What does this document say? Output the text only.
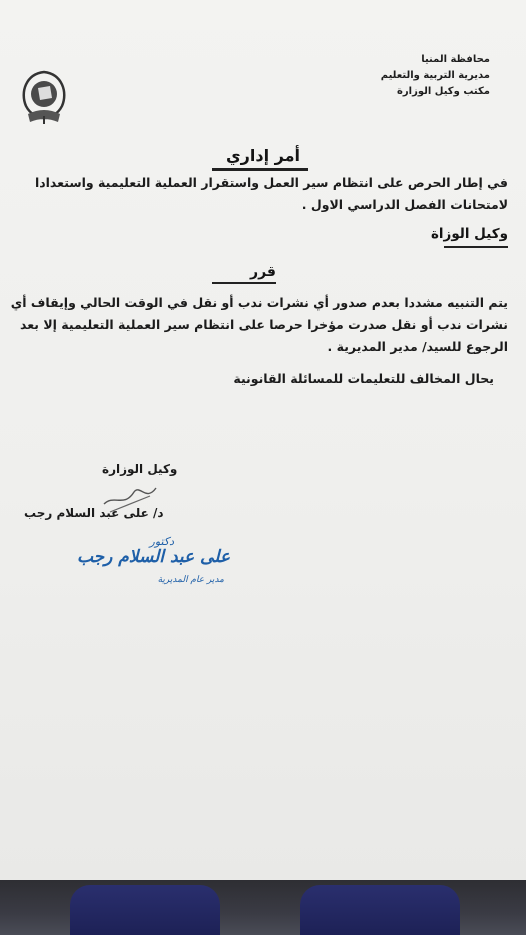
محافظة المنيا
مديرية التربية والتعليم
مكتب وكيل الوزارة
أمر إداري
في إطار الحرص على انتظام سير العمل واستقرار العملية التعليمية واستعدادا لامتحانات الفصل الدراسي الاول .
وكيل الوزاة
قرر
يتم التنبيه مشددا بعدم صدور أي نشرات ندب أو نقل في الوقت الحالي وإيقاف أي نشرات ندب أو نقل صدرت مؤخرا حرصا على انتظام سير العملية التعليمية إلا بعد الرجوع للسيد/ مدير المديرية .
يحال المخالف للتعليمات للمسائلة القانونية
وكيل الوزارة
د/ على عبد السلام رجب
دكتور
على عبد السلام رجب
مدير عام المديرية
